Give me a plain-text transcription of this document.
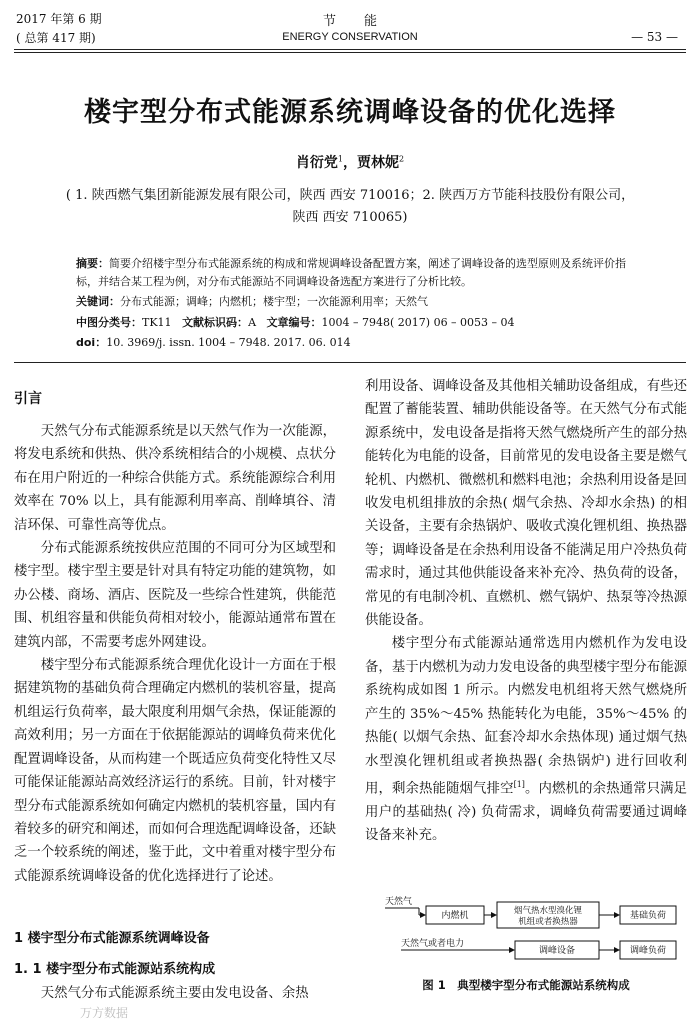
2017 年第 6 期
( 总第 417 期)
节能
ENERGY CONSERVATION	— 53 —
楼宇型分布式能源系统调峰设备的优化选择
肖衍党$^1$，贾林妮$^2$
( 1. 陕西燃气集团新能源发展有限公司，陕西 西安 710016；2. 陕西万方节能科技股份有限公司，陕西 西安 710065)
摘要：简要介绍楼宇型分布式能源系统的构成和常规调峰设备配置方案，阐述了调峰设备的选型原则及系统评价指标，并结合某工程为例，对分布式能源站不同调峰设备选配方案进行了分析比较。
关键词：分布式能源；调峰；内燃机；楼宇型；一次能源利用率；天然气
中图分类号：TK11 文献标识码：A 文章编号：1004 – 7948( 2017) 06 – 0053 – 04
doi：10. 3969/j. issn. 1004 – 7948. 2017. 06. 014
引言

天然气分布式能源系统是以天然气作为一次能源，将发电系统和供热、供冷系统相结合的小规模、点状分布在用户附近的一种综合供能方式。系统能源综合利用效率在 70% 以上，具有能源利用率高、削峰填谷、清洁环保、可靠性高等优点。

分布式能源系统按供应范围的不同可分为区域型和楼宇型。楼宇型主要是针对具有特定功能的建筑物，如办公楼、商场、酒店、医院及一些综合性建筑，供能范围、机组容量和供能负荷相对较小，能源站通常布置在建筑内部，不需要考虑外网建设。

楼宇型分布式能源系统合理优化设计一方面在于根据建筑物的基础负荷合理确定内燃机的装机容量，提高机组运行负荷率，最大限度利用烟气余热，保证能源的高效利用；另一方面在于依据能源站的调峰负荷来优化配置调峰设备，从而构建一个既适应负荷变化特性又尽可能保证能源站高效经济运行的系统。目前，针对楼宇型分布式能源系统如何确定内燃机的装机容量，国内有着较多的研究和阐述，而如何合理选配调峰设备，还缺乏一个较系统的阐述，鉴于此，文中着重对楼宇型分布式能源系统调峰设备的优化选择进行了论述。

1 楼宇型分布式能源系统调峰设备
1. 1 楼宇型分布式能源站系统构成

天然气分布式能源系统主要由发电设备、余热

利用设备、调峰设备及其他相关辅助设备组成，有些还配置了蓄能装置、辅助供能设备等。在天然气分布式能源系统中，发电设备是指将天然气燃烧所产生的部分热能转化为电能的设备，目前常见的发电设备主要是燃气轮机、内燃机、微燃机和燃料电池；余热利用设备是回收发电机组排放的余热( 烟气余热、冷却水余热) 的相关设备，主要有余热锅炉、吸收式溴化锂机组、换热器等；调峰设备是在余热利用设备不能满足用户冷热负荷需求时，通过其他供能设备来补充冷、热负荷的设备，常见的有电制冷机、直燃机、燃气锅炉、热泵等冷热源供能设备。

楼宇型分布式能源站通常选用内燃机作为发电设备，基于内燃机为动力发电设备的典型楼宇型分布能源系统构成如图 1 所示。内燃发电机组将天然气燃烧所产生的 35%～45% 热能转化为电能，35%～45% 的热能( 以烟气余热、缸套冷却水余热体现) 通过烟气热水型溴化锂机组或者换热器( 余热锅炉) 进行回收利用，剩余热能随烟气排空[1]。内燃机的余热通常只满足用户的基础热( 冷) 负荷需求，调峰负荷需要通过调峰设备来补充。

天然气
内燃机	烟气热水型溴化锂
机组或者换热器
基础负荷
天然气或者电力
调峰设备	调峰负荷
图 1　典型楼宇型分布式能源站系统构成
万方数据
